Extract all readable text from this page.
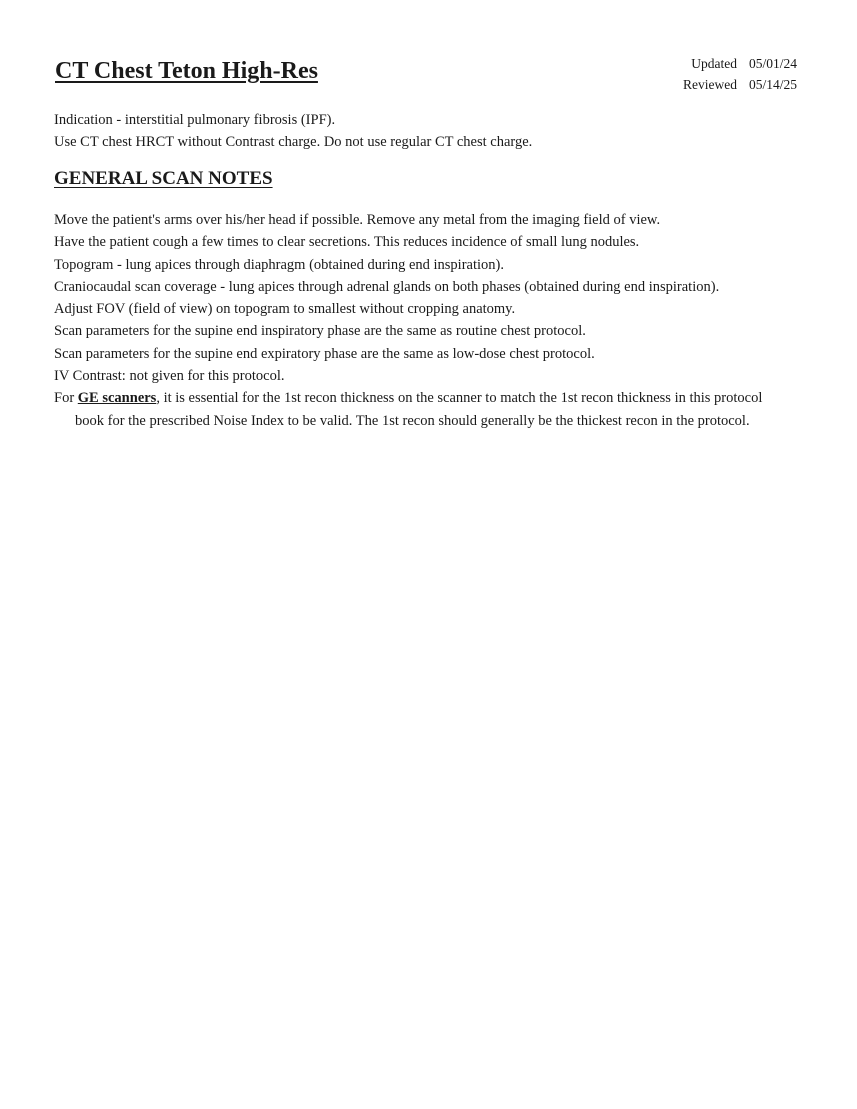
CT Chest Teton High-Res	Updated 05/01/24
Reviewed 05/14/25

Indication - interstitial pulmonary fibrosis (IPF).

Use CT chest HRCT without Contrast charge. Do not use regular CT chest charge.

GENERAL SCAN NOTES

Move the patient's arms over his/her head if possible. Remove any metal from the imaging field of view.

Have the patient cough a few times to clear secretions. This reduces incidence of small lung nodules.

Topogram - lung apices through diaphragm (obtained during end inspiration).

Craniocaudal scan coverage - lung apices through adrenal glands on both phases (obtained during end inspiration).

Adjust FOV (field of view) on topogram to smallest without cropping anatomy.

Scan parameters for the supine end inspiratory phase are the same as routine chest protocol.

Scan parameters for the supine end expiratory phase are the same as low-dose chest protocol.

IV Contrast: not given for this protocol.

For GE scanners, it is essential for the 1st recon thickness on the scanner to match the 1st recon thickness in this protocol book for the prescribed Noise Index to be valid. The 1st recon should generally be the thickest recon in the protocol.
